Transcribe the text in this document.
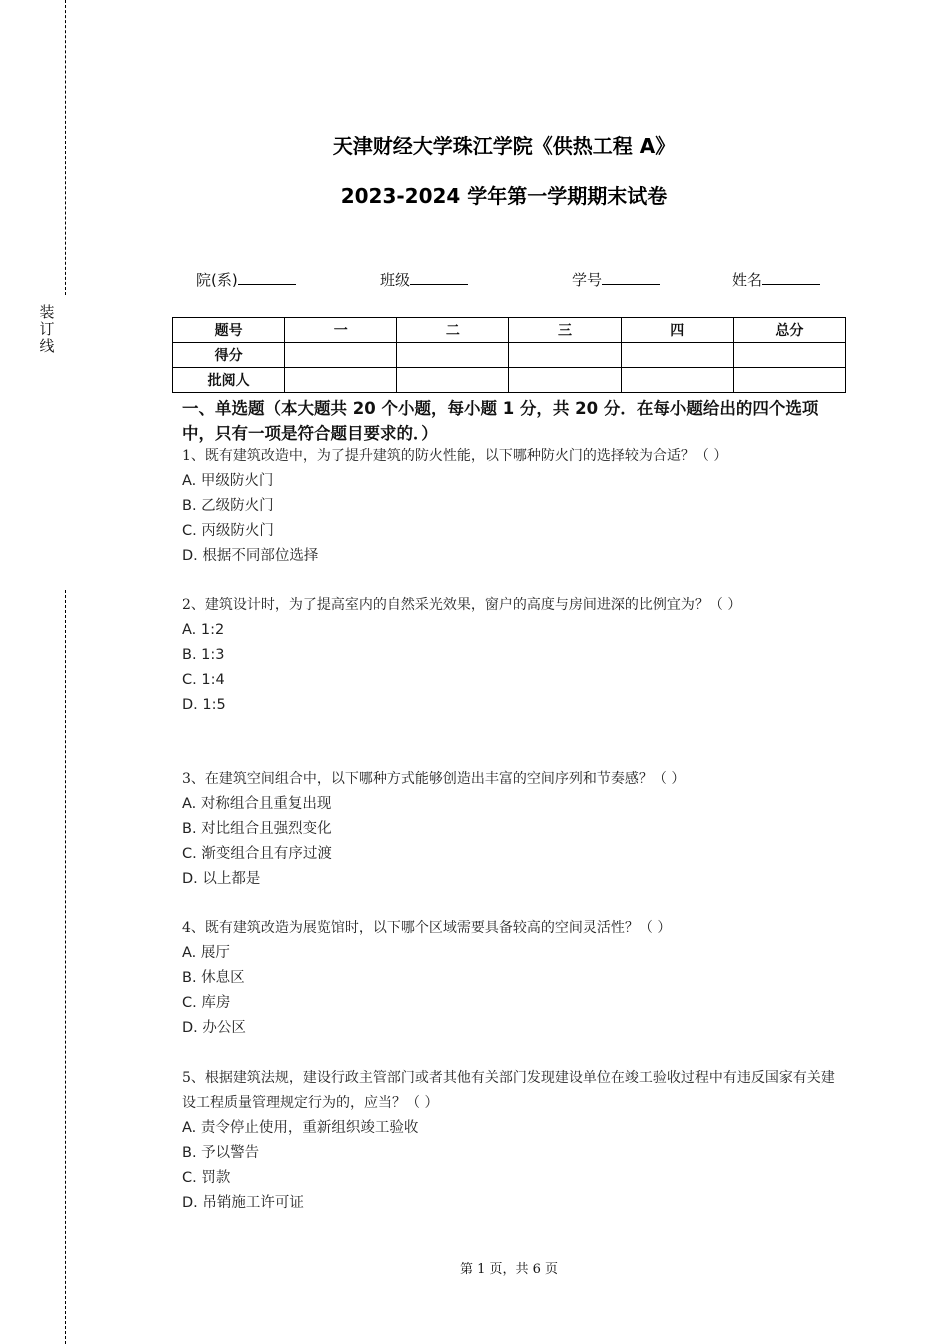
装
订
线
天津财经大学珠江学院《供热工程 A》
2023-2024 学年第一学期期末试卷
院(系)	班级	学号	姓名
题号	一	二	三	四	总分
得分					
批阅人					
一、单选题（本大题共 20 个小题，每小题 1 分，共 20 分．在每小题给出的四个选项中，只有一项是符合题目要求的．）
1、既有建筑改造中，为了提升建筑的防火性能，以下哪种防火门的选择较为合适？（ ）
A. 甲级防火门
B. 乙级防火门
C. 丙级防火门
D. 根据不同部位选择
2、建筑设计时，为了提高室内的自然采光效果，窗户的高度与房间进深的比例宜为？（ ）
A. 1:2
B. 1:3
C. 1:4
D. 1:5
3、在建筑空间组合中，以下哪种方式能够创造出丰富的空间序列和节奏感？（ ）
A. 对称组合且重复出现
B. 对比组合且强烈变化
C. 渐变组合且有序过渡
D. 以上都是
4、既有建筑改造为展览馆时，以下哪个区域需要具备较高的空间灵活性？（ ）
A. 展厅
B. 休息区
C. 库房
D. 办公区
5、根据建筑法规，建设行政主管部门或者其他有关部门发现建设单位在竣工验收过程中有违反国家有关建设工程质量管理规定行为的，应当？（ ）
A. 责令停止使用，重新组织竣工验收
B. 予以警告
C. 罚款
D. 吊销施工许可证
第 1 页，共 6 页
